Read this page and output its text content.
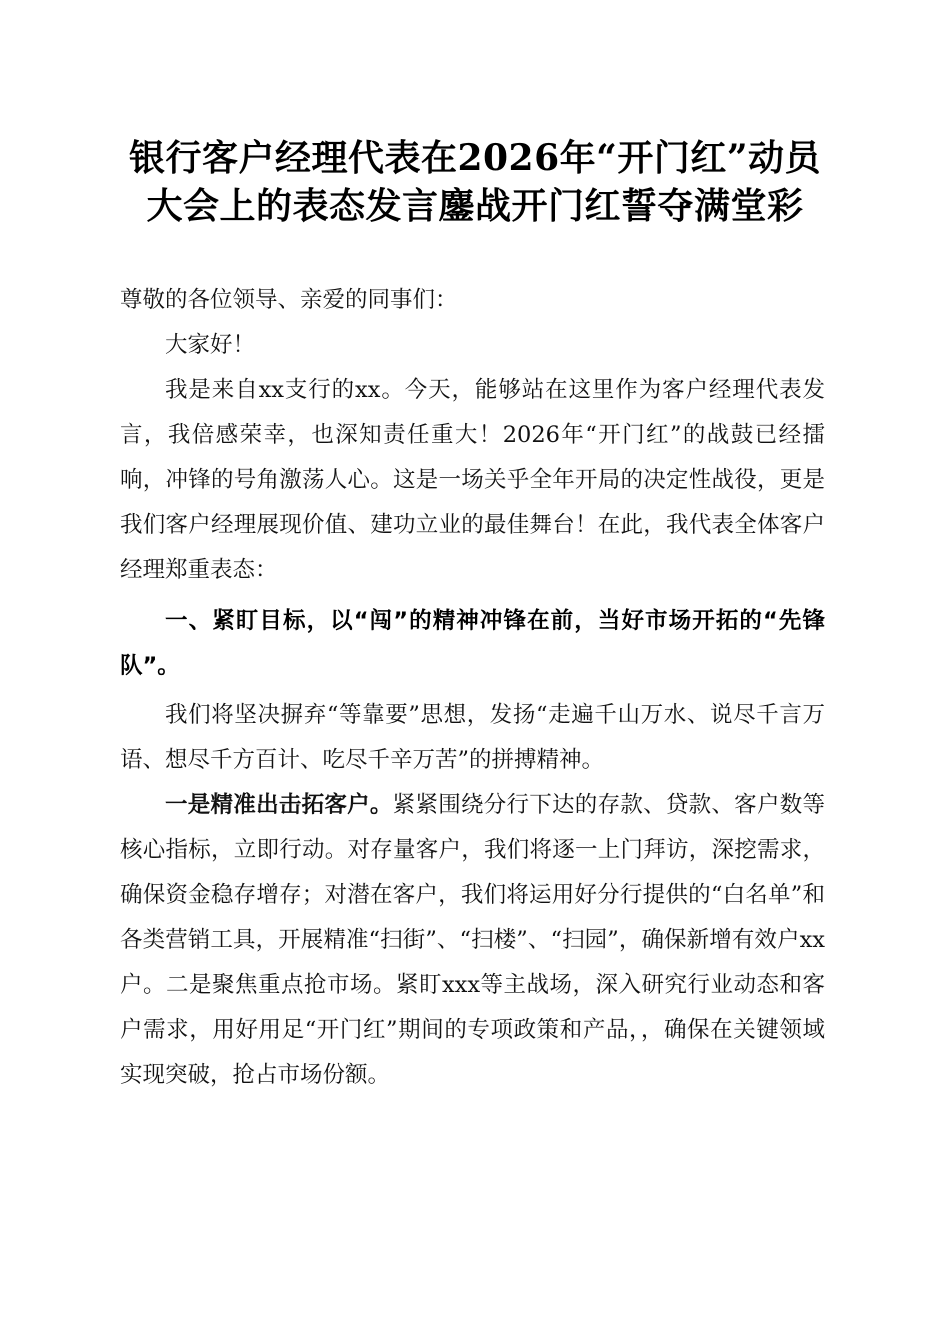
银行客户经理代表在2026年“开门红”动员
大会上的表态发言鏖战开门红誓夺满堂彩

尊敬的各位领导、亲爱的同事们：

大家好！

我是来自xx支行的xx。今天，能够站在这里作为客户经理代表发言，我倍感荣幸，也深知责任重大！2026年“开门红”的战鼓已经擂响，冲锋的号角激荡人心。这是一场关乎全年开局的决定性战役，更是我们客户经理展现价值、建功立业的最佳舞台！在此，我代表全体客户经理郑重表态：

一、紧盯目标，以“闯”的精神冲锋在前，当好市场开拓的“先锋队”。

我们将坚决摒弃“等靠要”思想，发扬“走遍千山万水、说尽千言万语、想尽千方百计、吃尽千辛万苦”的拼搏精神。

一是精准出击拓客户。紧紧围绕分行下达的存款、贷款、客户数等核心指标，立即行动。对存量客户，我们将逐一上门拜访，深挖需求，确保资金稳存增存；对潜在客户，我们将运用好分行提供的“白名单”和各类营销工具，开展精准“扫街”、“扫楼”、“扫园”，确保新增有效户xx户。二是聚焦重点抢市场。紧盯xxx等主战场，深入研究行业动态和客户需求，用好用足“开门红”期间的专项政策和产品，，确保在关键领域实现突破，抢占市场份额。
